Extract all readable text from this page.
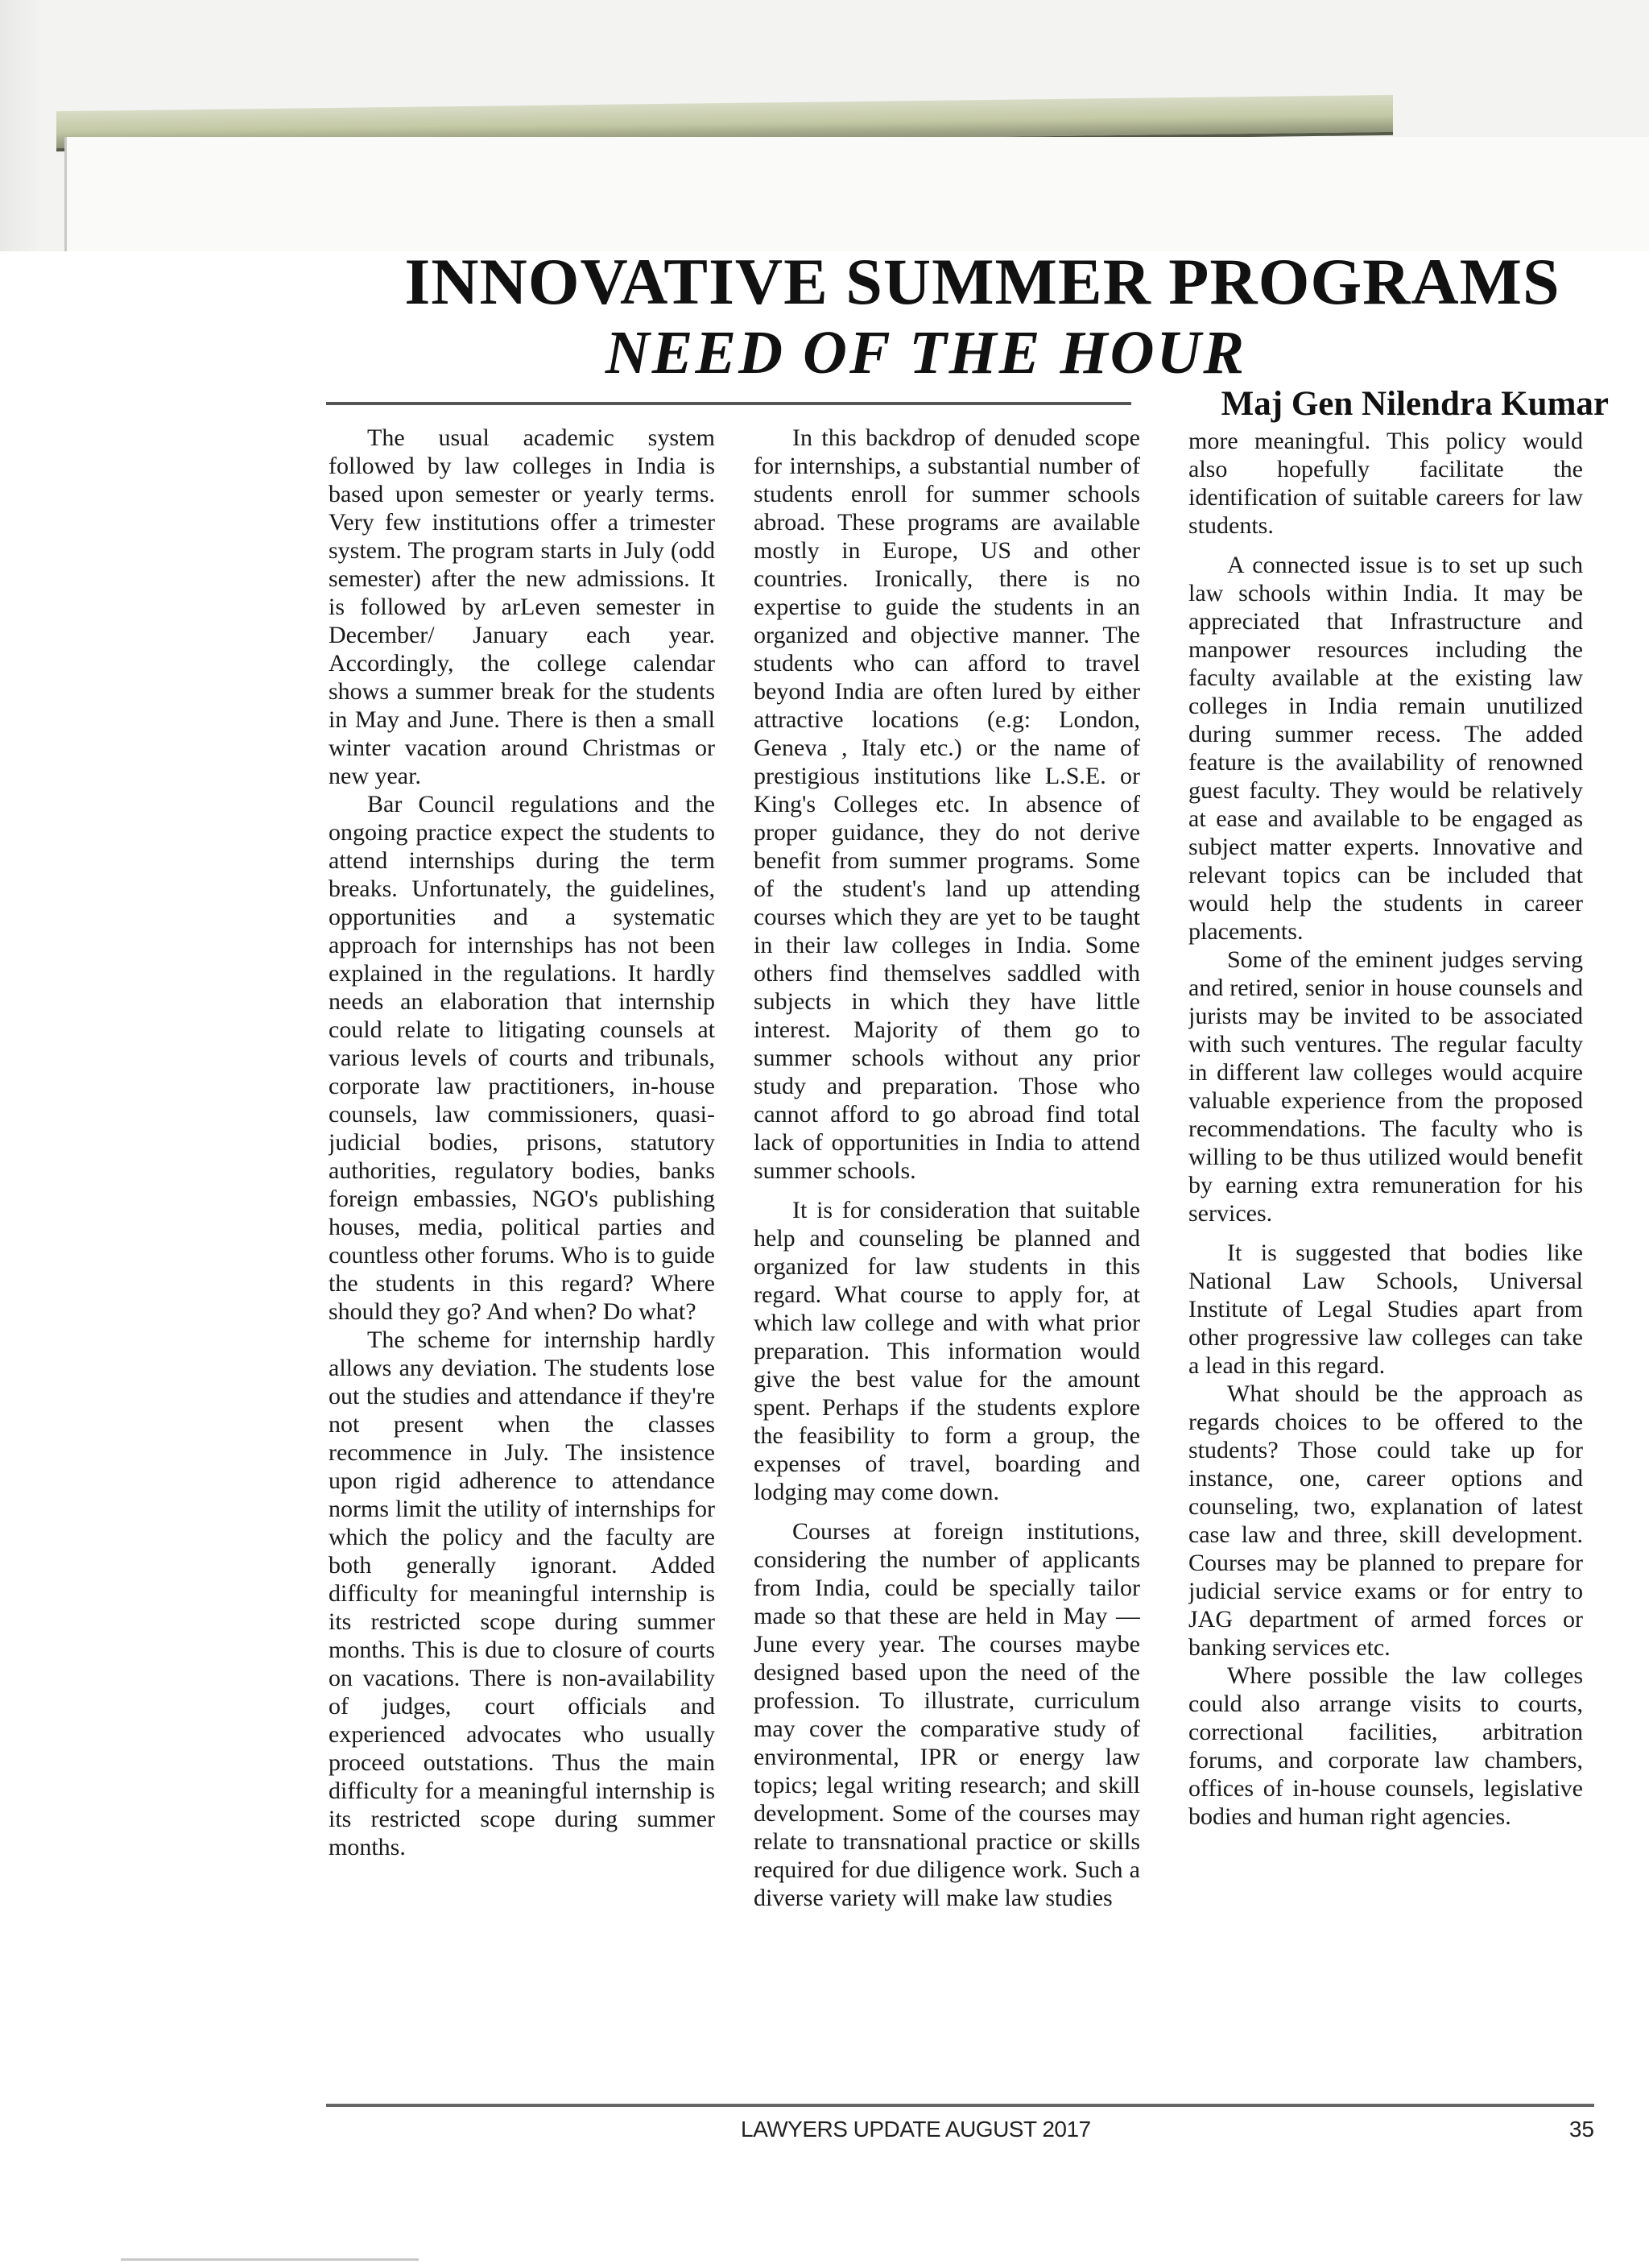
INNOVATIVE SUMMER PROGRAMS
NEED OF THE HOUR
Maj Gen Nilendra Kumar

The usual academic system followed by law colleges in India is based upon semester or yearly terms. Very few institutions offer a trimester system. The program starts in July (odd semester) after the new admissions. It is followed by arLeven semester in December/ January each year. Accordingly, the college calendar shows a summer break for the students in May and June. There is then a small winter vacation around Christmas or new year.

Bar Council regulations and the ongoing practice expect the students to attend internships during the term breaks. Unfortunately, the guidelines, opportunities and a systematic approach for internships has not been explained in the regulations. It hardly needs an elaboration that internship could relate to litigating counsels at various levels of courts and tribunals, corporate law practitioners, in-house counsels, law commissioners, quasi-judicial bodies, prisons, statutory authorities, regulatory bodies, banks foreign embassies, NGO's publishing houses, media, political parties and countless other forums. Who is to guide the students in this regard? Where should they go? And when? Do what?

The scheme for internship hardly allows any deviation. The students lose out the studies and attendance if they're not present when the classes recommence in July. The insistence upon rigid adherence to attendance norms limit the utility of internships for which the policy and the faculty are both generally ignorant. Added difficulty for meaningful internship is its restricted scope during summer months. This is due to closure of courts on vacations. There is non-availability of judges, court officials and experienced advocates who usually proceed outstations. Thus the main difficulty for a meaningful internship is its restricted scope during summer months.

In this backdrop of denuded scope for internships, a substantial number of students enroll for summer schools abroad. These programs are available mostly in Europe, US and other countries. Ironically, there is no expertise to guide the students in an organized and objective manner. The students who can afford to travel beyond India are often lured by either attractive locations (e.g: London, Geneva , Italy etc.) or the name of prestigious institutions like L.S.E. or King's Colleges etc. In absence of proper guidance, they do not derive benefit from summer programs. Some of the student's land up attending courses which they are yet to be taught in their law colleges in India. Some others find themselves saddled with subjects in which they have little interest. Majority of them go to summer schools without any prior study and preparation. Those who cannot afford to go abroad find total lack of opportunities in India to attend summer schools.

It is for consideration that suitable help and counseling be planned and organized for law students in this regard. What course to apply for, at which law college and with what prior preparation. This information would give the best value for the amount spent. Perhaps if the students explore the feasibility to form a group, the expenses of travel, boarding and lodging may come down.

Courses at foreign institutions, considering the number of applicants from India, could be specially tailor made so that these are held in May — June every year. The courses maybe designed based upon the need of the profession. To illustrate, curriculum may cover the comparative study of environmental, IPR or energy law topics; legal writing research; and skill development. Some of the courses may relate to transnational practice or skills required for due diligence work. Such a diverse variety will make law studies

more meaningful. This policy would also hopefully facilitate the identification of suitable careers for law students.

A connected issue is to set up such law schools within India. It may be appreciated that Infrastructure and manpower resources including the faculty available at the existing law colleges in India remain unutilized during summer recess. The added feature is the availability of renowned guest faculty. They would be relatively at ease and available to be engaged as subject matter experts. Innovative and relevant topics can be included that would help the students in career placements.

Some of the eminent judges serving and retired, senior in house counsels and jurists may be invited to be associated with such ventures. The regular faculty in different law colleges would acquire valuable experience from the proposed recommendations. The faculty who is willing to be thus utilized would benefit by earning extra remuneration for his services.

It is suggested that bodies like National Law Schools, Universal Institute of Legal Studies apart from other progressive law colleges can take a lead in this regard.

What should be the approach as regards choices to be offered to the students? Those could take up for instance, one, career options and counseling, two, explanation of latest case law and three, skill development. Courses may be planned to prepare for judicial service exams or for entry to JAG department of armed forces or banking services etc.

Where possible the law colleges could also arrange visits to courts, correctional facilities, arbitration forums, and corporate law chambers, offices of in-house counsels, legislative bodies and human right agencies.

LAWYERS UPDATE AUGUST 2017	35
